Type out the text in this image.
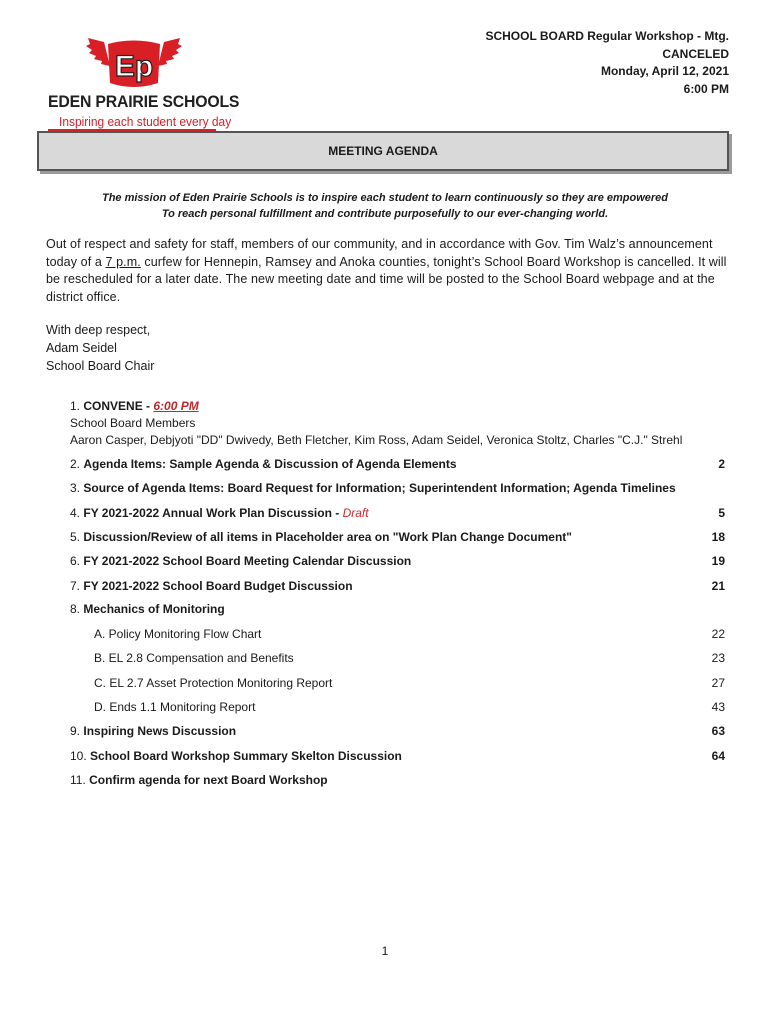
Ep
EDEN PRAIRIE SCHOOLS
Inspiring each student every day
SCHOOL BOARD Regular Workshop - Mtg.
CANCELED
Monday, April 12, 2021
6:00 PM
MEETING AGENDA
The mission of Eden Prairie Schools is to inspire each student to learn continuously so they are empowered
To reach personal fulfillment and contribute purposefully to our ever-changing world.
Out of respect and safety for staff, members of our community, and in accordance with Gov. Tim Walz’s announcement today of a 7 p.m. curfew for Hennepin, Ramsey and Anoka counties, tonight’s School Board Workshop is cancelled. It will be rescheduled for a later date. The new meeting date and time will be posted to the School Board webpage and at the district office.
With deep respect,
Adam Seidel
School Board Chair
1. CONVENE - 6:00 PM
School Board Members
Aaron Casper, Debjyoti "DD" Dwivedy, Beth Fletcher, Kim Ross, Adam Seidel, Veronica Stoltz, Charles "C.J." Strehl
2. Agenda Items: Sample Agenda & Discussion of Agenda Elements	2
3. Source of Agenda Items: Board Request for Information; Superintendent Information; Agenda Timelines
4. FY 2021-2022 Annual Work Plan Discussion - Draft	5
5. Discussion/Review of all items in Placeholder area on "Work Plan Change Document"	18
6. FY 2021-2022 School Board Meeting Calendar Discussion	19
7. FY 2021-2022 School Board Budget Discussion	21
8. Mechanics of Monitoring
A. Policy Monitoring Flow Chart	22
B. EL 2.8 Compensation and Benefits	23
C. EL 2.7 Asset Protection Monitoring Report	27
D. Ends 1.1 Monitoring Report	43
9. Inspiring News Discussion	63
10. School Board Workshop Summary Skelton Discussion	64
11. Confirm agenda for next Board Workshop
1
